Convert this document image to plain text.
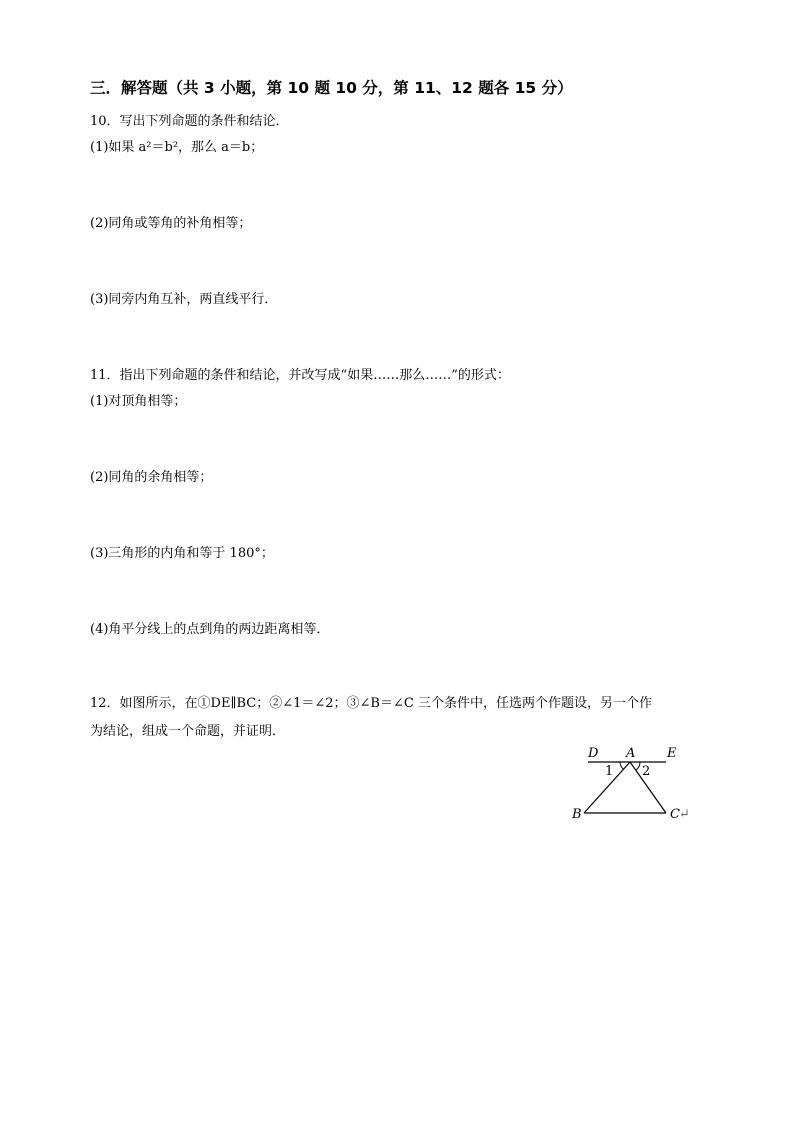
三．解答题（共 3 小题，第 10 题 10 分，第 11、12 题各 15 分）
10．写出下列命题的条件和结论．
(1)如果 a²＝b²，那么 a＝b；
(2)同角或等角的补角相等；
(3)同旁内角互补，两直线平行．
11．指出下列命题的条件和结论，并改写成“如果……那么……”的形式：
(1)对顶角相等；
(2)同角的余角相等；
(3)三角形的内角和等于 180°；
(4)角平分线上的点到角的两边距离相等．
12．如图所示，在①DE∥BC；②∠1＝∠2；③∠B＝∠C 三个条件中，任选两个作题设，另一个作
为结论，组成一个命题，并证明．
D A E
1 2
B	C ↵
